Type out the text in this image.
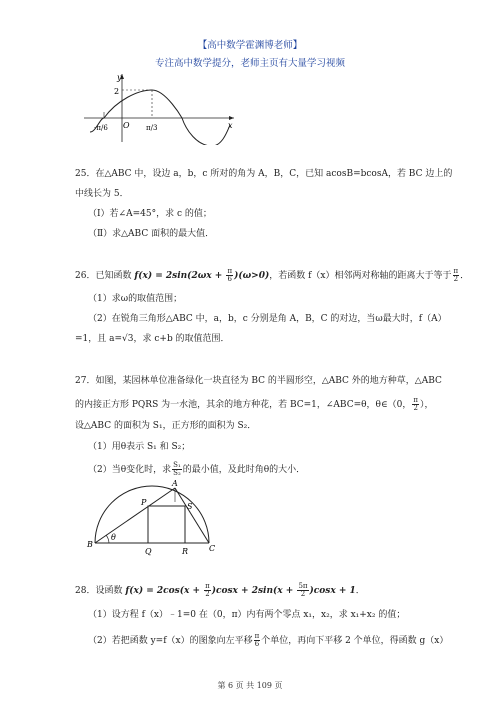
【高中数学霍渊博老师】
专注高中数学提分，老师主页有大量学习视频
y
x
O
2
-π/6	π/3
25．在△ABC 中，设边 a，b，c 所对的角为 A，B，C，已知 acosB=bcosA，若 BC 边上的
中线长为 5．
（Ⅰ）若∠A=45°，求 c 的值；
（Ⅱ）求△ABC 面积的最大值．
26．已知函数 $f(x) = 2\sin(2\omega x + \frac{\pi}{6} )(\omega>0)$，若函数 f（x）相邻两对称轴的距离大于等于 $\frac{\pi}{2}$ ．
（1）求ω的取值范围；
（2）在锐角三角形△ABC 中，a，b，c 分别是角 A，B，C 的对边，当ω最大时，f（A）
=1，且 a=√3，求 c+b 的取值范围．
27．如图，某园林单位准备绿化一块直径为 BC 的半圆形空，△ABC 外的地方种草，△ABC
的内接正方形 PQRS 为一水池，其余的地方种花，若 BC=1，∠ABC=θ，θ∈（0， $\frac{\pi}{2}$ ），
设△ABC 的面积为 S₁，正方形的面积为 S₂．
（1）用θ表示 S₁ 和 S₂；
（2）当θ变化时，求 $\frac{\text{S₁}}{\text{S₂}}$ 的最小值，及此时角θ的大小．
A
B	C
P	S
Q	R
θ
28．设函数 $f(x) = 2\cos(x + \frac{\pi}{2} )\cos x + 2\sin(x + \frac{5\pi}{2} )\cos x + 1$．
（1）设方程 f（x）﹣1=0 在（0，π）内有两个零点 x₁，x₂，求 x₁+x₂ 的值；
（2）若把函数 y=f（x）的图象向左平移 $\frac{\pi}{6}$ 个单位，再向下平移 2 个单位，得函数 g（x）
第 6 页 共 109 页
